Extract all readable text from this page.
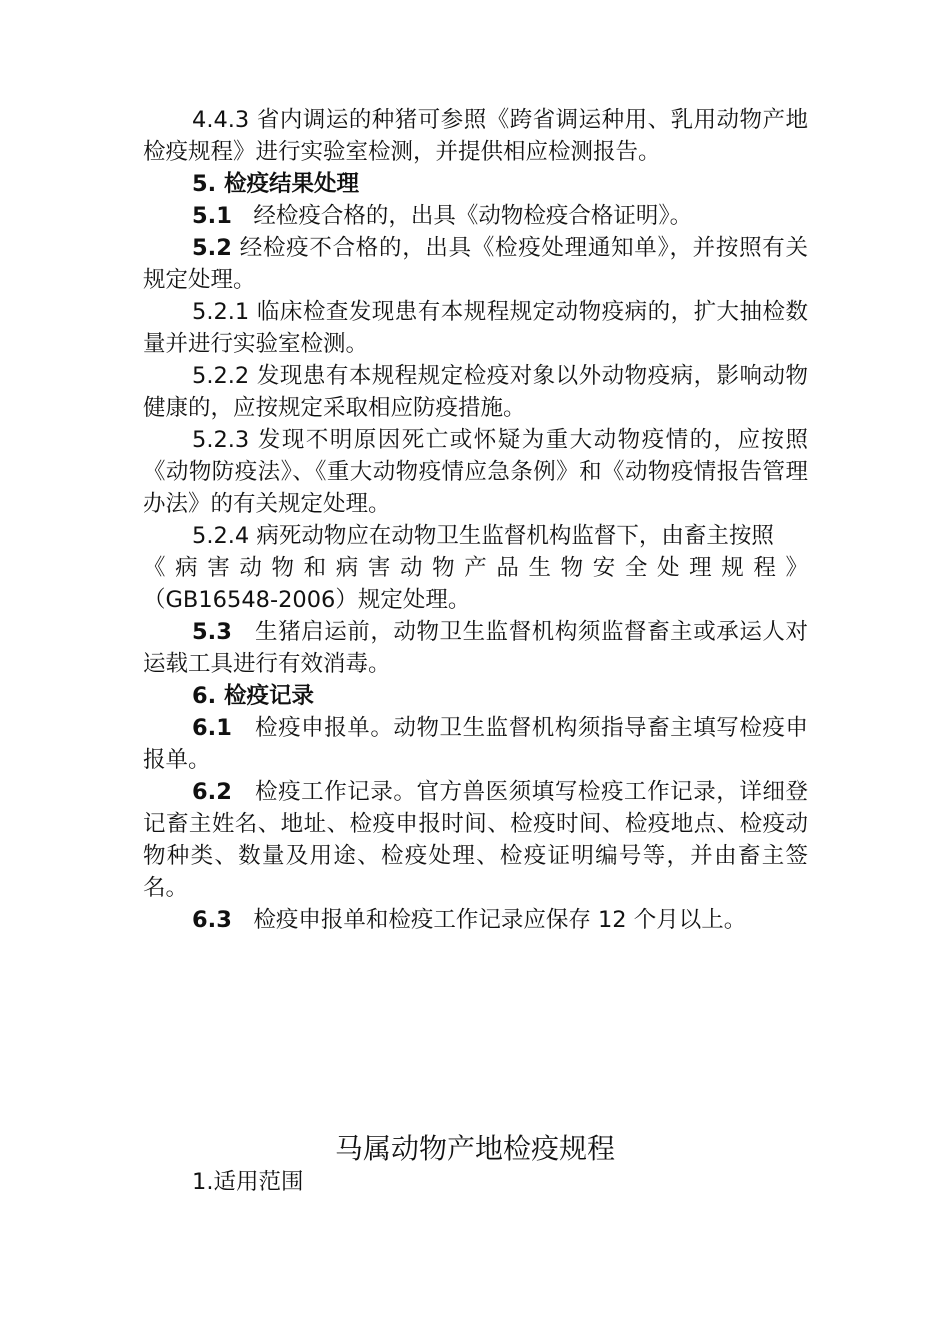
4.4.3 省内调运的种猪可参照《跨省调运种用、乳用动物产地检疫规程》进行实验室检测，并提供相应检测报告。

5. 检疫结果处理

5.1 经检疫合格的，出具《动物检疫合格证明》。

5.2 经检疫不合格的，出具《检疫处理通知单》，并按照有关规定处理。

5.2.1 临床检查发现患有本规程规定动物疫病的，扩大抽检数量并进行实验室检测。

5.2.2 发现患有本规程规定检疫对象以外动物疫病，影响动物健康的，应按规定采取相应防疫措施。

5.2.3 发现不明原因死亡或怀疑为重大动物疫情的，应按照《动物防疫法》、《重大动物疫情应急条例》和《动物疫情报告管理办法》的有关规定处理。

5.2.4 病死动物应在动物卫生监督机构监督下，由畜主按照

《病害动物和病害动物产品生物安全处理规程》
（GB16548-2006）规定处理。

5.3 生猪启运前，动物卫生监督机构须监督畜主或承运人对运载工具进行有效消毒。

6. 检疫记录

6.1 检疫申报单。动物卫生监督机构须指导畜主填写检疫申报单。

6.2 检疫工作记录。官方兽医须填写检疫工作记录，详细登记畜主姓名、地址、检疫申报时间、检疫时间、检疫地点、检疫动物种类、数量及用途、检疫处理、检疫证明编号等，并由畜主签名。

6.3 检疫申报单和检疫工作记录应保存 12 个月以上。

马属动物产地检疫规程
1.适用范围
